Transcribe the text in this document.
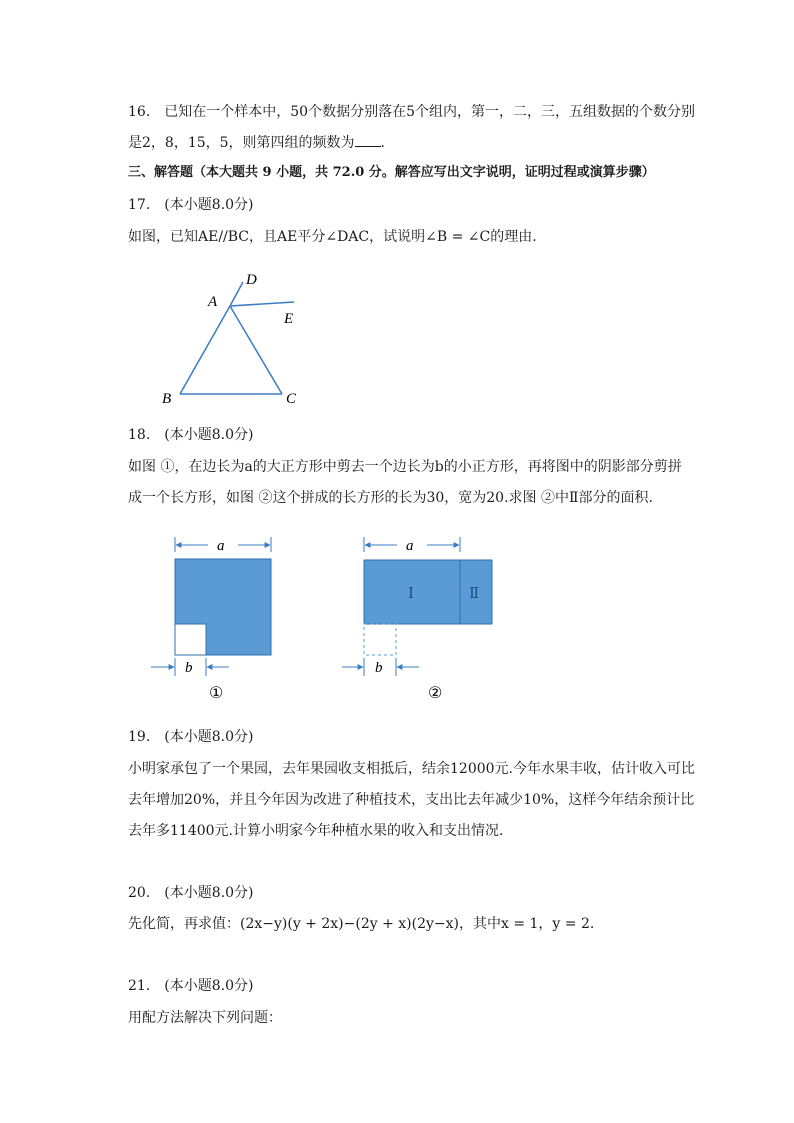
16. 已知在一个样本中，50个数据分别落在5个组内，第一，二，三，五组数据的个数分别
是2，8，15，5，则第四组的频数为 .
三、解答题（本大题共 9 小题，共 72.0 分。解答应写出文字说明，证明过程或演算步骤）
17. (本小题8.0分)
如图，已知AE//BC，且AE平分∠DAC，试说明∠B = ∠C的理由.
D
A
E
B	C
18. (本小题8.0分)
如图 ①，在边长为a的大正方形中剪去一个边长为b的小正方形，再将图中的阴影部分剪拼
成一个长方形，如图 ②这个拼成的长方形的长为30，宽为20.求图 ②中Ⅱ部分的面积.
a
b
①
a
Ⅰ	Ⅱ
b
②
19. (本小题8.0分)
小明家承包了一个果园，去年果园收支相抵后，结余12000元.今年水果丰收，估计收入可比
去年增加20%，并且今年因为改进了种植技术，支出比去年减少10%，这样今年结余预计比
去年多11400元.计算小明家今年种植水果的收入和支出情况.
20. (本小题8.0分)
先化简，再求值：(2x−y)(y + 2x)−(2y + x)(2y−x)，其中x = 1，y = 2.
21. (本小题8.0分)
用配方法解决下列问题：
